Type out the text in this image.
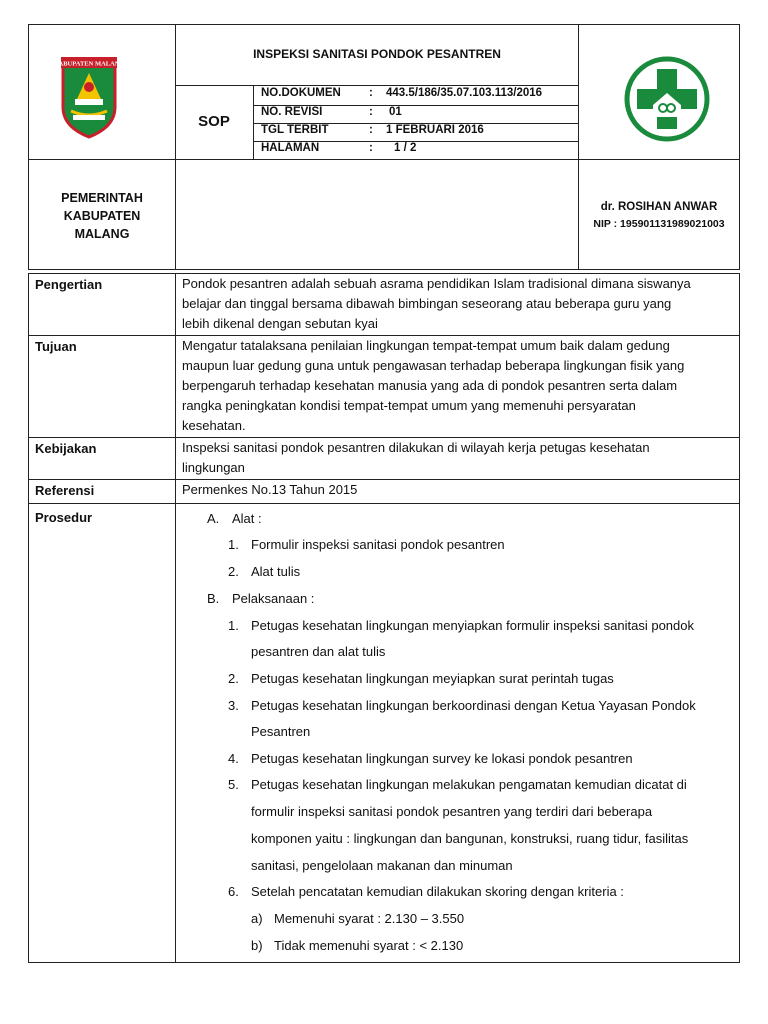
KABUPATEN MALANG
INSPEKSI SANITASI PONDOK PESANTREN
SOP
NO.DOKUMEN : 443.5/186/35.07.103.113/2016
NO. REVISI	: 01
TGL TERBIT	: 1 FEBRUARI 2016
HALAMAN	: 1 / 2
PEMERINTAH
KABUPATEN
MALANG
dr. ROSIHAN ANWAR
NIP : 195901131989021003
Pengertian	Pondok pesantren adalah sebuah asrama pendidikan Islam tradisional dimana siswanya
belajar dan tinggal bersama dibawah bimbingan seseorang atau beberapa guru yang
lebih dikenal dengan sebutan kyai
Tujuan	Mengatur tatalaksana penilaian lingkungan tempat-tempat umum baik dalam gedung
maupun luar gedung guna untuk pengawasan terhadap beberapa lingkungan fisik yang
berpengaruh terhadap kesehatan manusia yang ada di pondok pesantren serta dalam
rangka peningkatan kondisi tempat-tempat umum yang memenuhi persyaratan
kesehatan.
Kebijakan	Inspeksi sanitasi pondok pesantren dilakukan di wilayah kerja petugas kesehatan
lingkungan
Referensi	Permenkes No.13 Tahun 2015
Prosedur	A. Alat :
1. Formulir inspeksi sanitasi pondok pesantren
2. Alat tulis
B. Pelaksanaan :
1. Petugas kesehatan lingkungan menyiapkan formulir inspeksi sanitasi pondok
pesantren dan alat tulis
2. Petugas kesehatan lingkungan meyiapkan surat perintah tugas
3. Petugas kesehatan lingkungan berkoordinasi dengan Ketua Yayasan Pondok
Pesantren
4. Petugas kesehatan lingkungan survey ke lokasi pondok pesantren
5. Petugas kesehatan lingkungan melakukan pengamatan kemudian dicatat di
formulir inspeksi sanitasi pondok pesantren yang terdiri dari beberapa
komponen yaitu : lingkungan dan bangunan, konstruksi, ruang tidur, fasilitas
sanitasi, pengelolaan makanan dan minuman
6. Setelah pencatatan kemudian dilakukan skoring dengan kriteria :
a) Memenuhi syarat : 2.130 – 3.550
b) Tidak memenuhi syarat : < 2.130
